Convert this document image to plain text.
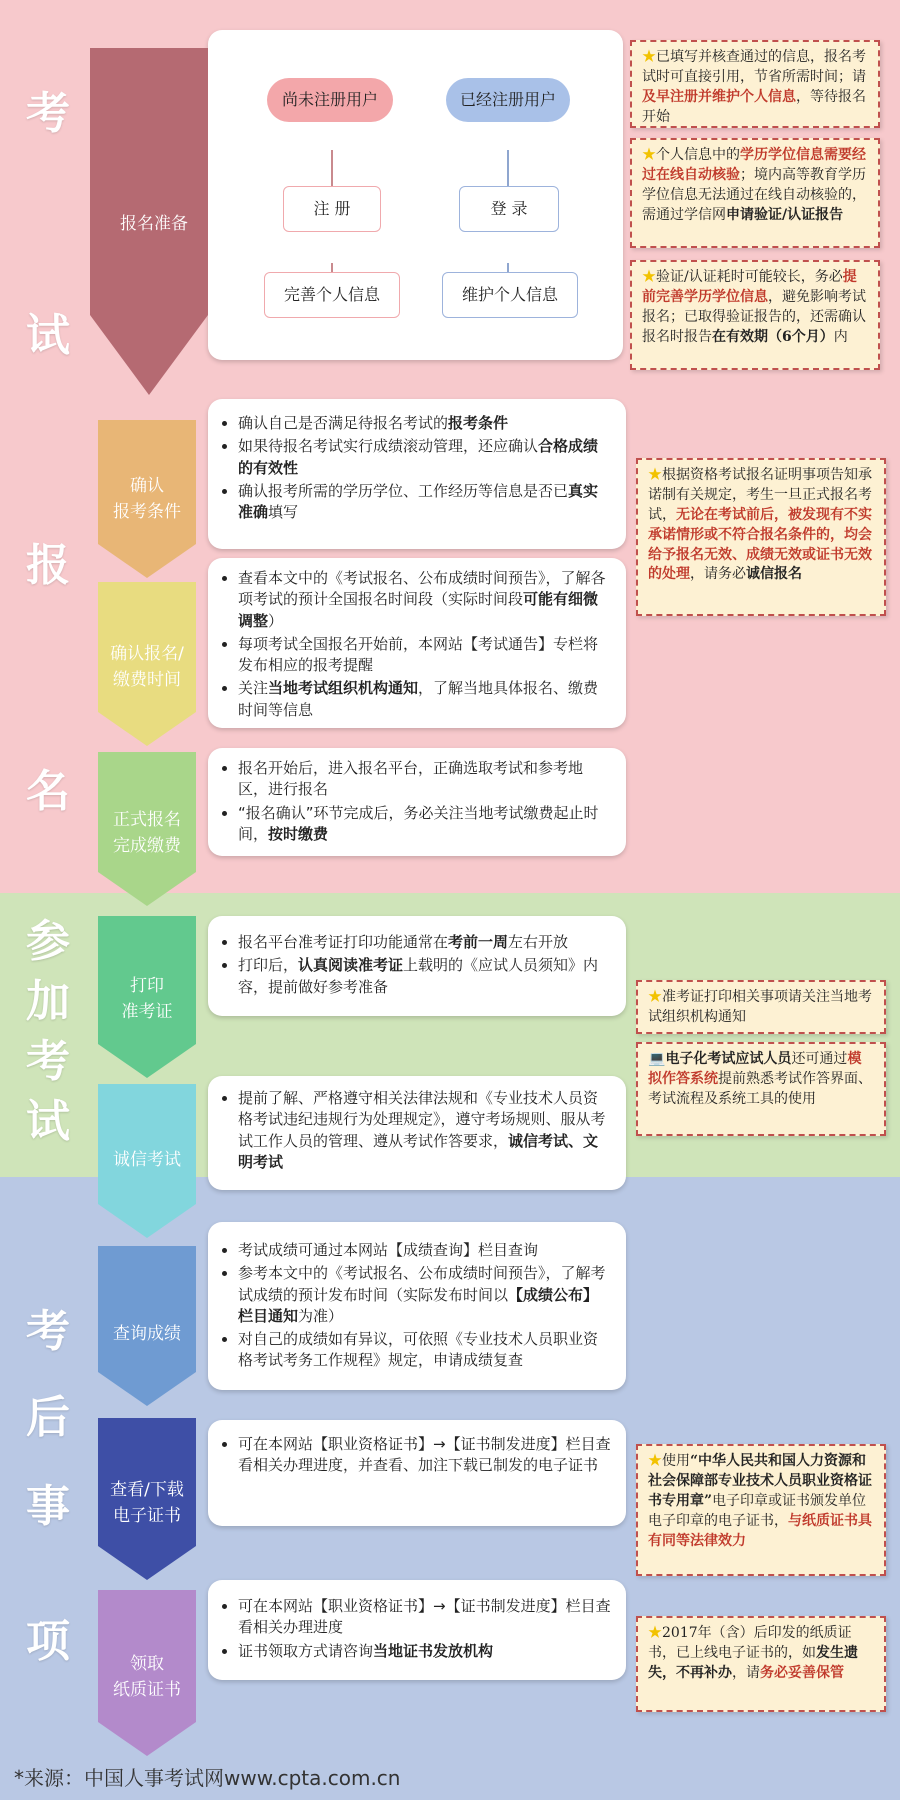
考
试
报
名
参
加
考
试
考
后
事
项
• 确认自己是否满足待报名考试的报考条件
• 如果待报名考试实行成绩滚动管理，还应确认合格成绩的有效性
• 确认报考所需的学历学位、工作经历等信息是否已真实准确填写
• 查看本文中的《考试报名、公布成绩时间预告》，了解各项考试的预计全国报名时间段（实际时间段可能有细微调整）
• 每项考试全国报名开始前，本网站【考试通告】专栏将发布相应的报考提醒
• 关注当地考试组织机构通知，了解当地具体报名、缴费时间等信息
• 报名开始后，进入报名平台，正确选取考试和参考地区，进行报名
• “报名确认”环节完成后，务必关注当地考试缴费起止时间，按时缴费
• 报名平台准考证打印功能通常在考前一周左右开放
• 打印后，认真阅读准考证上载明的《应试人员须知》内容，提前做好参考准备
• 提前了解、严格遵守相关法律法规和《专业技术人员资格考试违纪违规行为处理规定》，遵守考场规则、服从考试工作人员的管理、遵从考试作答要求，诚信考试、文明考试
• 考试成绩可通过本网站【成绩查询】栏目查询
• 参考本文中的《考试报名、公布成绩时间预告》，了解考试成绩的预计发布时间（实际发布时间以【成绩公布】栏目通知为准）
• 对自己的成绩如有异议，可依照《专业技术人员职业资格考试考务工作规程》规定，申请成绩复查
• 可在本网站【职业资格证书】→【证书制发进度】栏目查看相关办理进度，并查看、加注下载已制发的电子证书
• 可在本网站【职业资格证书】→【证书制发进度】栏目查看相关办理进度
• 证书领取方式请咨询当地证书发放机构
尚未注册用户	已经注册用户
注 册	登 录
完善个人信息	维护个人信息
报名准备
确认
报考条件
确认报名/
缴费时间
正式报名
完成缴费
打印
准考证
诚信考试
查询成绩
查看/下载
电子证书
领取
纸质证书
★已填写并核查通过的信息，报名考试时可直接引用，节省所需时间；请及早注册并维护个人信息，等待报名开始
★个人信息中的学历学位信息需要经过在线自动核验；境内高等教育学历学位信息无法通过在线自动核验的，需通过学信网申请验证/认证报告
★验证/认证耗时可能较长，务必提前完善学历学位信息，避免影响考试报名；已取得验证报告的，还需确认报名时报告在有效期（6个月）内
★根据资格考试报名证明事项告知承诺制有关规定，考生一旦正式报名考试，无论在考试前后，被发现有不实承诺情形或不符合报名条件的，均会给予报名无效、成绩无效或证书无效的处理，请务必诚信报名
★准考证打印相关事项请关注当地考试组织机构通知
💻电子化考试应试人员还可通过模拟作答系统提前熟悉考试作答界面、考试流程及系统工具的使用
★使用“中华人民共和国人力资源和社会保障部专业技术人员职业资格证书专用章”电子印章或证书颁发单位电子印章的电子证书，与纸质证书具有同等法律效力
★2017年（含）后印发的纸质证书，已上线电子证书的，如发生遗失，不再补办，请务必妥善保管
*来源：中国人事考试网www.cpta.com.cn
